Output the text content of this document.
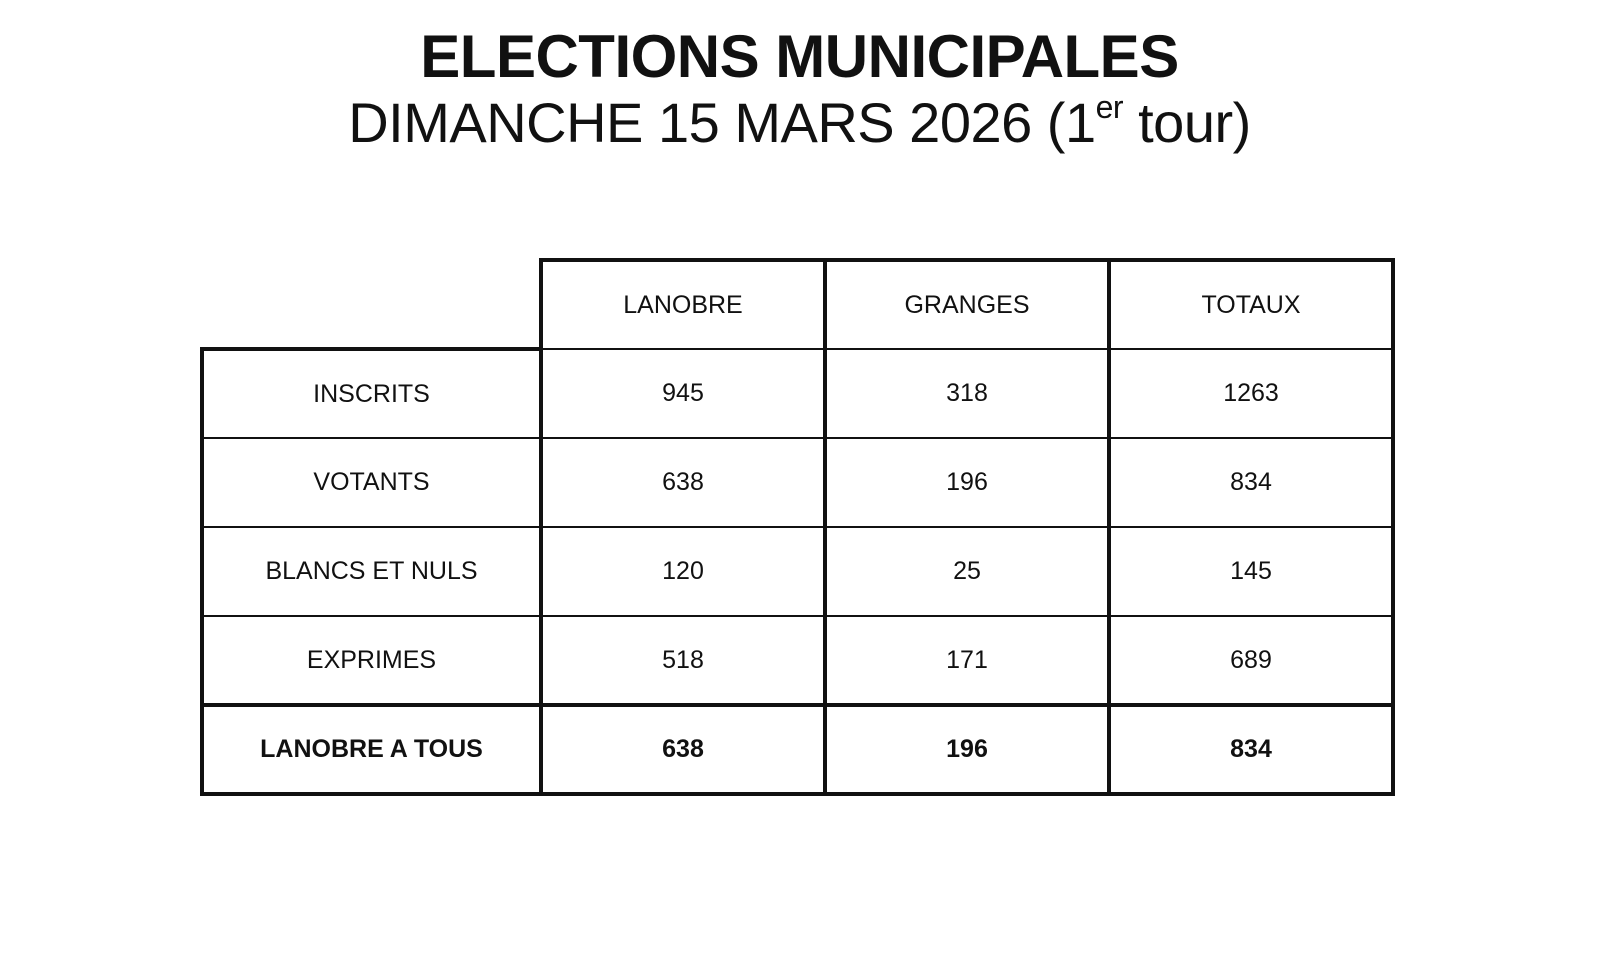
ELECTIONS MUNICIPALES
DIMANCHE 15 MARS 2026 (1er tour)
	LANOBRE	GRANGES	TOTAUX
INSCRITS	945	318	1263
VOTANTS	638	196	834
BLANCS ET NULS	120	25	145
EXPRIMES	518	171	689
LANOBRE A TOUS	638	196	834
